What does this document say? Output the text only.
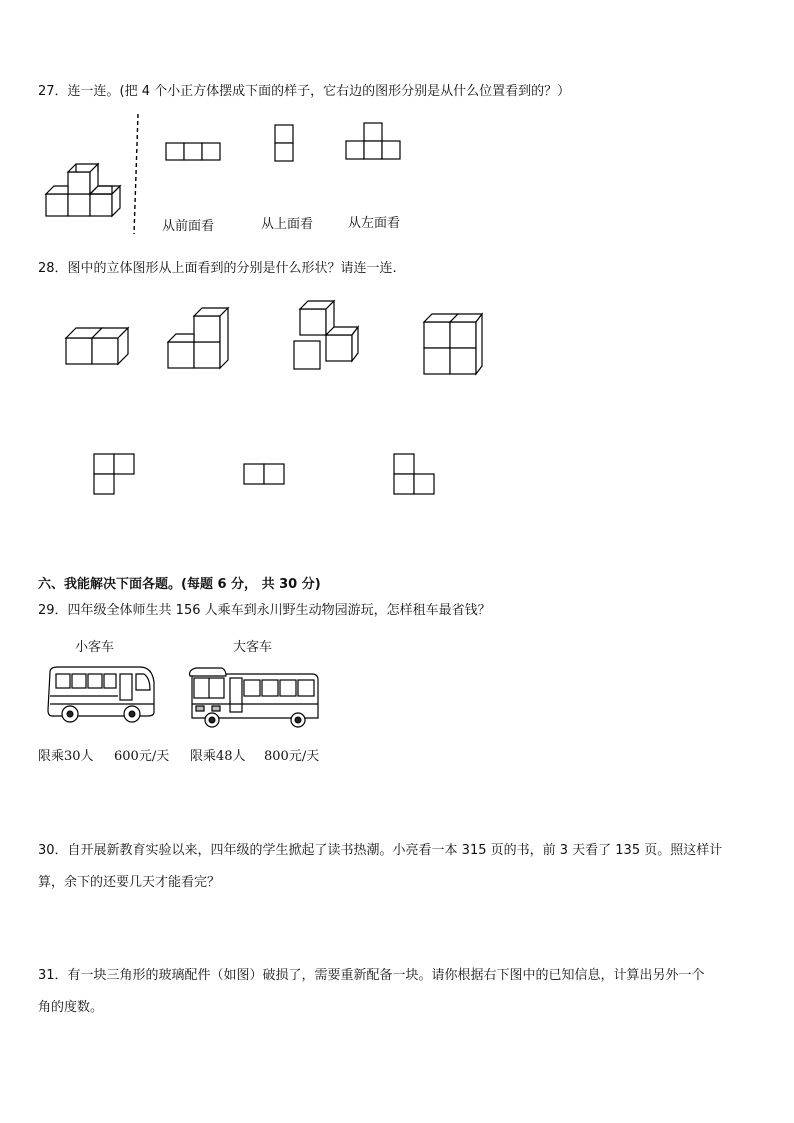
27．连一连。(把 4 个小正方体摆成下面的样子，它右边的图形分别是从什么位置看到的？）
从前面看	从上面看	从左面看
28．图中的立体图形从上面看到的分别是什么形状？请连一连.
六、我能解决下面各题。(每题 6 分， 共 30 分)
29．四年级全体师生共 156 人乘车到永川野生动物园游玩，怎样租车最省钱？
小客车	大客车
限乘30人 600元/天 限乘48人 800元/天
30．自开展新教育实验以来，四年级的学生掀起了读书热潮。小亮看一本 315 页的书，前 3 天看了 135 页。照这样计
算，余下的还要几天才能看完？
31．有一块三角形的玻璃配件（如图）破损了，需要重新配备一块。请你根据右下图中的已知信息，计算出另外一个
角的度数。
